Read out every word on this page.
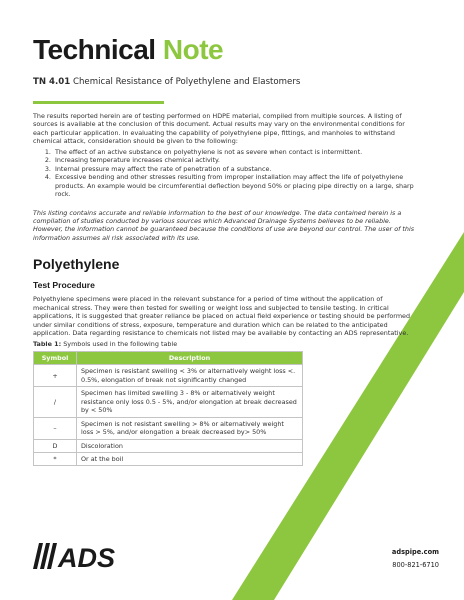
Technical Note
TN 4.01 Chemical Resistance of Polyethylene and Elastomers

The results reported herein are of testing performed on HDPE material, compiled from multiple sources. A listing of sources is available at the conclusion of this document. Actual results may vary on the environmental conditions for each particular application. In evaluating the capability of polyethylene pipe, fittings, and manholes to withstand chemical attack, consideration should be given to the following:

1. The effect of an active substance on polyethylene is not as severe when contact is intermittent.
2. Increasing temperature increases chemical activity.
3. Internal pressure may affect the rate of penetration of a substance.
4. Excessive bending and other stresses resulting from improper installation may affect the life of polyethylene products. An example would be circumferential deflection beyond 50% or placing pipe directly on a large, sharp rock.

This listing contains accurate and reliable information to the best of our knowledge. The data contained herein is a compilation of studies conducted by various sources which Advanced Drainage Systems believes to be reliable. However, the information cannot be guaranteed because the conditions of use are beyond our control. The user of this information assumes all risk associated with its use.

Polyethylene
Test Procedure

Polyethylene specimens were placed in the relevant substance for a period of time without the application of mechanical stress. They were then tested for swelling or weight loss and subjected to tensile testing. In critical applications, it is suggested that greater reliance be placed on actual field experience or testing should be performed under similar conditions of stress, exposure, temperature and duration which can be related to the anticipated application. Data regarding resistance to chemicals not listed may be available by contacting an ADS representative.

Table 1: Symbols used in the following table

Symbol	Description
+	Specimen is resistant swelling < 3% or alternatively weight loss <. 0.5%, elongation of break not significantly changed
/	Specimen has limited swelling 3 - 8% or alternatively weight resistance only loss 0.5 - 5%, and/or elongation at break decreased by < 50%
–	Specimen is not resistant swelling > 8% or alternatively weight loss > 5%, and/or elongation a break decreased by> 50%
D	Discoloration
*	Or at the boil
ADS	adspipe.com
800-821-6710
